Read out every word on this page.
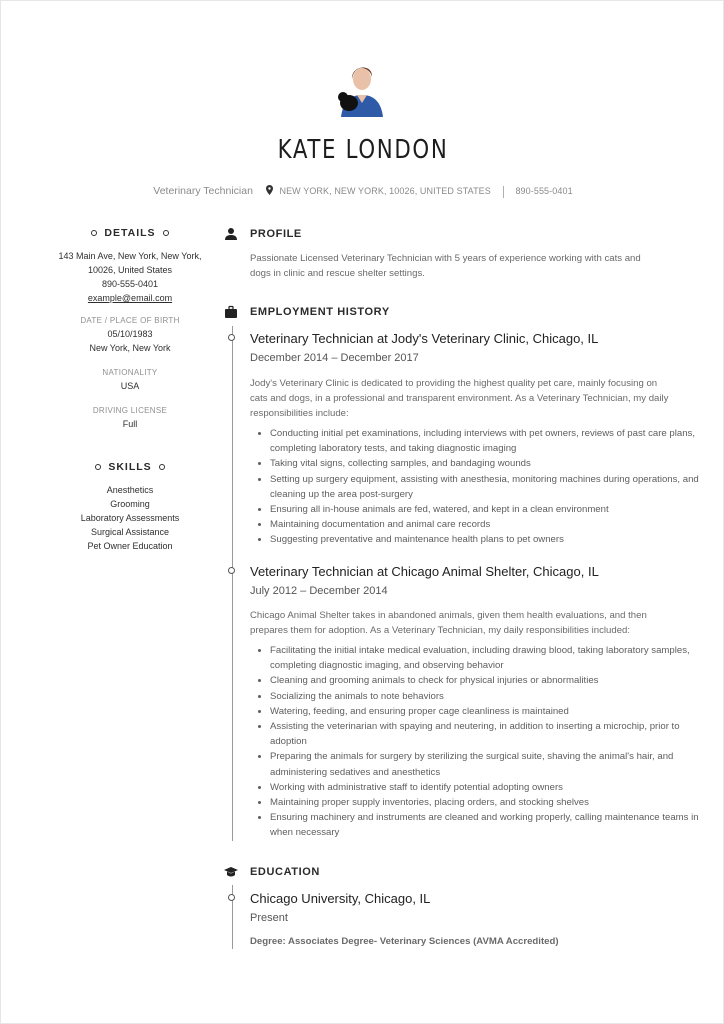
KATE LONDON
Veterinary Technician	NEW YORK, NEW YORK, 10026, UNITED STATES	890-555-0401
DETAILS
143 Main Ave, New York, New York,
10026, United States
890-555-0401
example@email.com
DATE / PLACE OF BIRTH
05/10/1983
New York, New York
NATIONALITY
USA
DRIVING LICENSE
Full
SKILLS
Anesthetics
Grooming
Laboratory Assessments
Surgical Assistance
Pet Owner Education
PROFILE
Passionate Licensed Veterinary Technician with 5 years of experience working with cats and dogs in clinic and rescue shelter settings.
EMPLOYMENT HISTORY
Veterinary Technician at Jody's Veterinary Clinic, Chicago, IL
December 2014 – December 2017
Jody's Veterinary Clinic is dedicated to providing the highest quality pet care, mainly focusing on cats and dogs, in a professional and transparent environment. As a Veterinary Technician, my daily responsibilities include:
• Conducting initial pet examinations, including interviews with pet owners, reviews of past care plans, completing laboratory tests, and taking diagnostic imaging
• Taking vital signs, collecting samples, and bandaging wounds
• Setting up surgery equipment, assisting with anesthesia, monitoring machines during operations, and cleaning up the area post-surgery
• Ensuring all in-house animals are fed, watered, and kept in a clean environment
• Maintaining documentation and animal care records
• Suggesting preventative and maintenance health plans to pet owners
Veterinary Technician at Chicago Animal Shelter, Chicago, IL
July 2012 – December 2014
Chicago Animal Shelter takes in abandoned animals, given them health evaluations, and then prepares them for adoption. As a Veterinary Technician, my daily responsibilities included:
• Facilitating the initial intake medical evaluation, including drawing blood, taking laboratory samples, completing diagnostic imaging, and observing behavior
• Cleaning and grooming animals to check for physical injuries or abnormalities
• Socializing the animals to note behaviors
• Watering, feeding, and ensuring proper cage cleanliness is maintained
• Assisting the veterinarian with spaying and neutering, in addition to inserting a microchip, prior to adoption
• Preparing the animals for surgery by sterilizing the surgical suite, shaving the animal's hair, and administering sedatives and anesthetics
• Working with administrative staff to identify potential adopting owners
• Maintaining proper supply inventories, placing orders, and stocking shelves
• Ensuring machinery and instruments are cleaned and working properly, calling maintenance teams in when necessary
EDUCATION
Chicago University, Chicago, IL
Present
Degree: Associates Degree- Veterinary Sciences (AVMA Accredited)
